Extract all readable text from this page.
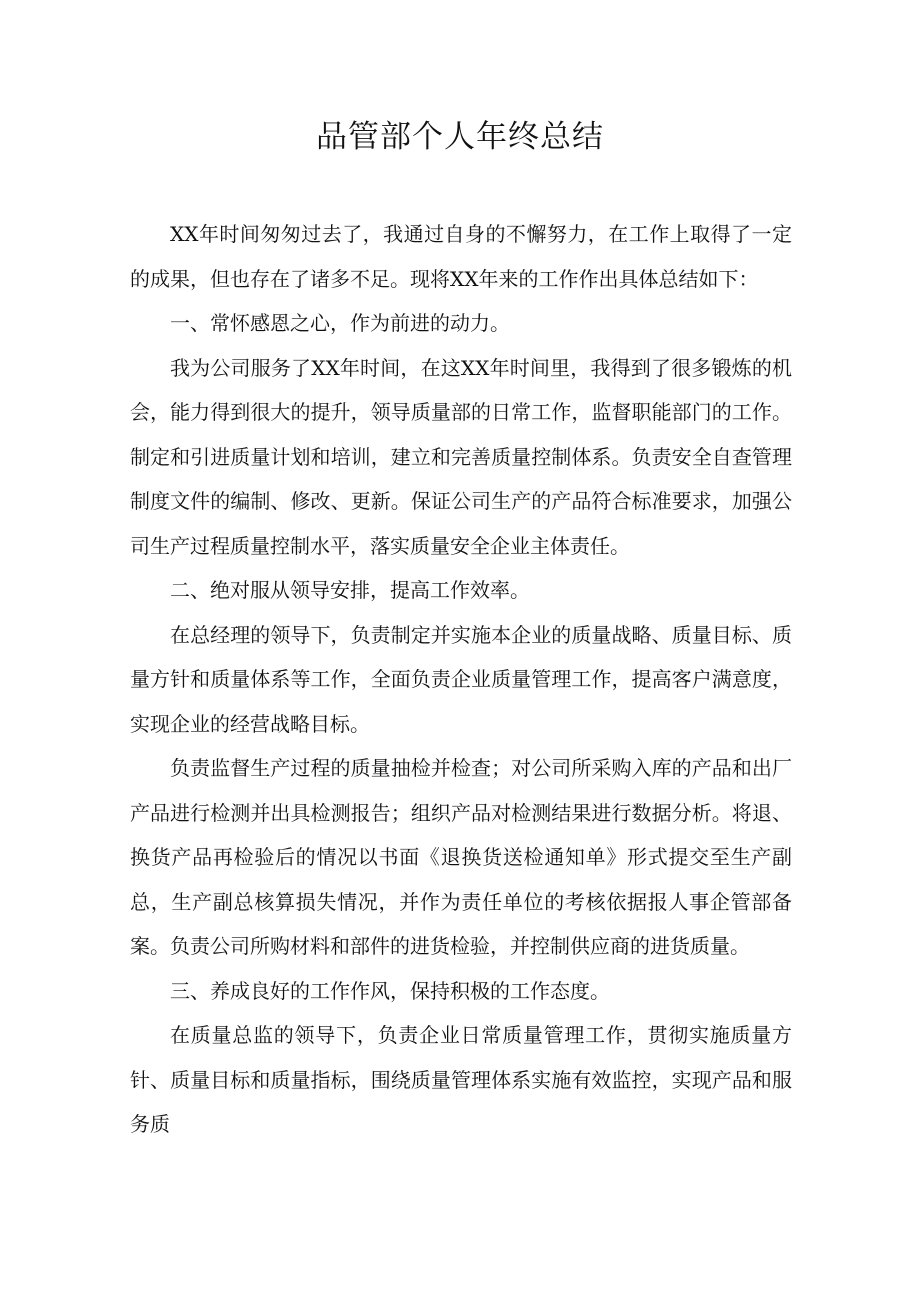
品管部个人年终总结

XX年时间匆匆过去了，我通过自身的不懈努力，在工作上取得了一定的成果，但也存在了诸多不足。现将XX年来的工作作出具体总结如下：

一、常怀感恩之心，作为前进的动力。

我为公司服务了XX年时间，在这XX年时间里，我得到了很多锻炼的机会，能力得到很大的提升，领导质量部的日常工作，监督职能部门的工作。制定和引进质量计划和培训，建立和完善质量控制体系。负责安全自查管理制度文件的编制、修改、更新。保证公司生产的产品符合标准要求，加强公司生产过程质量控制水平，落实质量安全企业主体责任。

二、绝对服从领导安排，提高工作效率。

在总经理的领导下，负责制定并实施本企业的质量战略、质量目标、质量方针和质量体系等工作，全面负责企业质量管理工作，提高客户满意度，实现企业的经营战略目标。

负责监督生产过程的质量抽检并检查；对公司所采购入库的产品和出厂产品进行检测并出具检测报告；组织产品对检测结果进行数据分析。将退、换货产品再检验后的情况以书面《退换货送检通知单》形式提交至生产副总，生产副总核算损失情况，并作为责任单位的考核依据报人事企管部备案。负责公司所购材料和部件的进货检验，并控制供应商的进货质量。

三、养成良好的工作作风，保持积极的工作态度。

在质量总监的领导下，负责企业日常质量管理工作，贯彻实施质量方针、质量目标和质量指标，围绕质量管理体系实施有效监控，实现产品和服务质
